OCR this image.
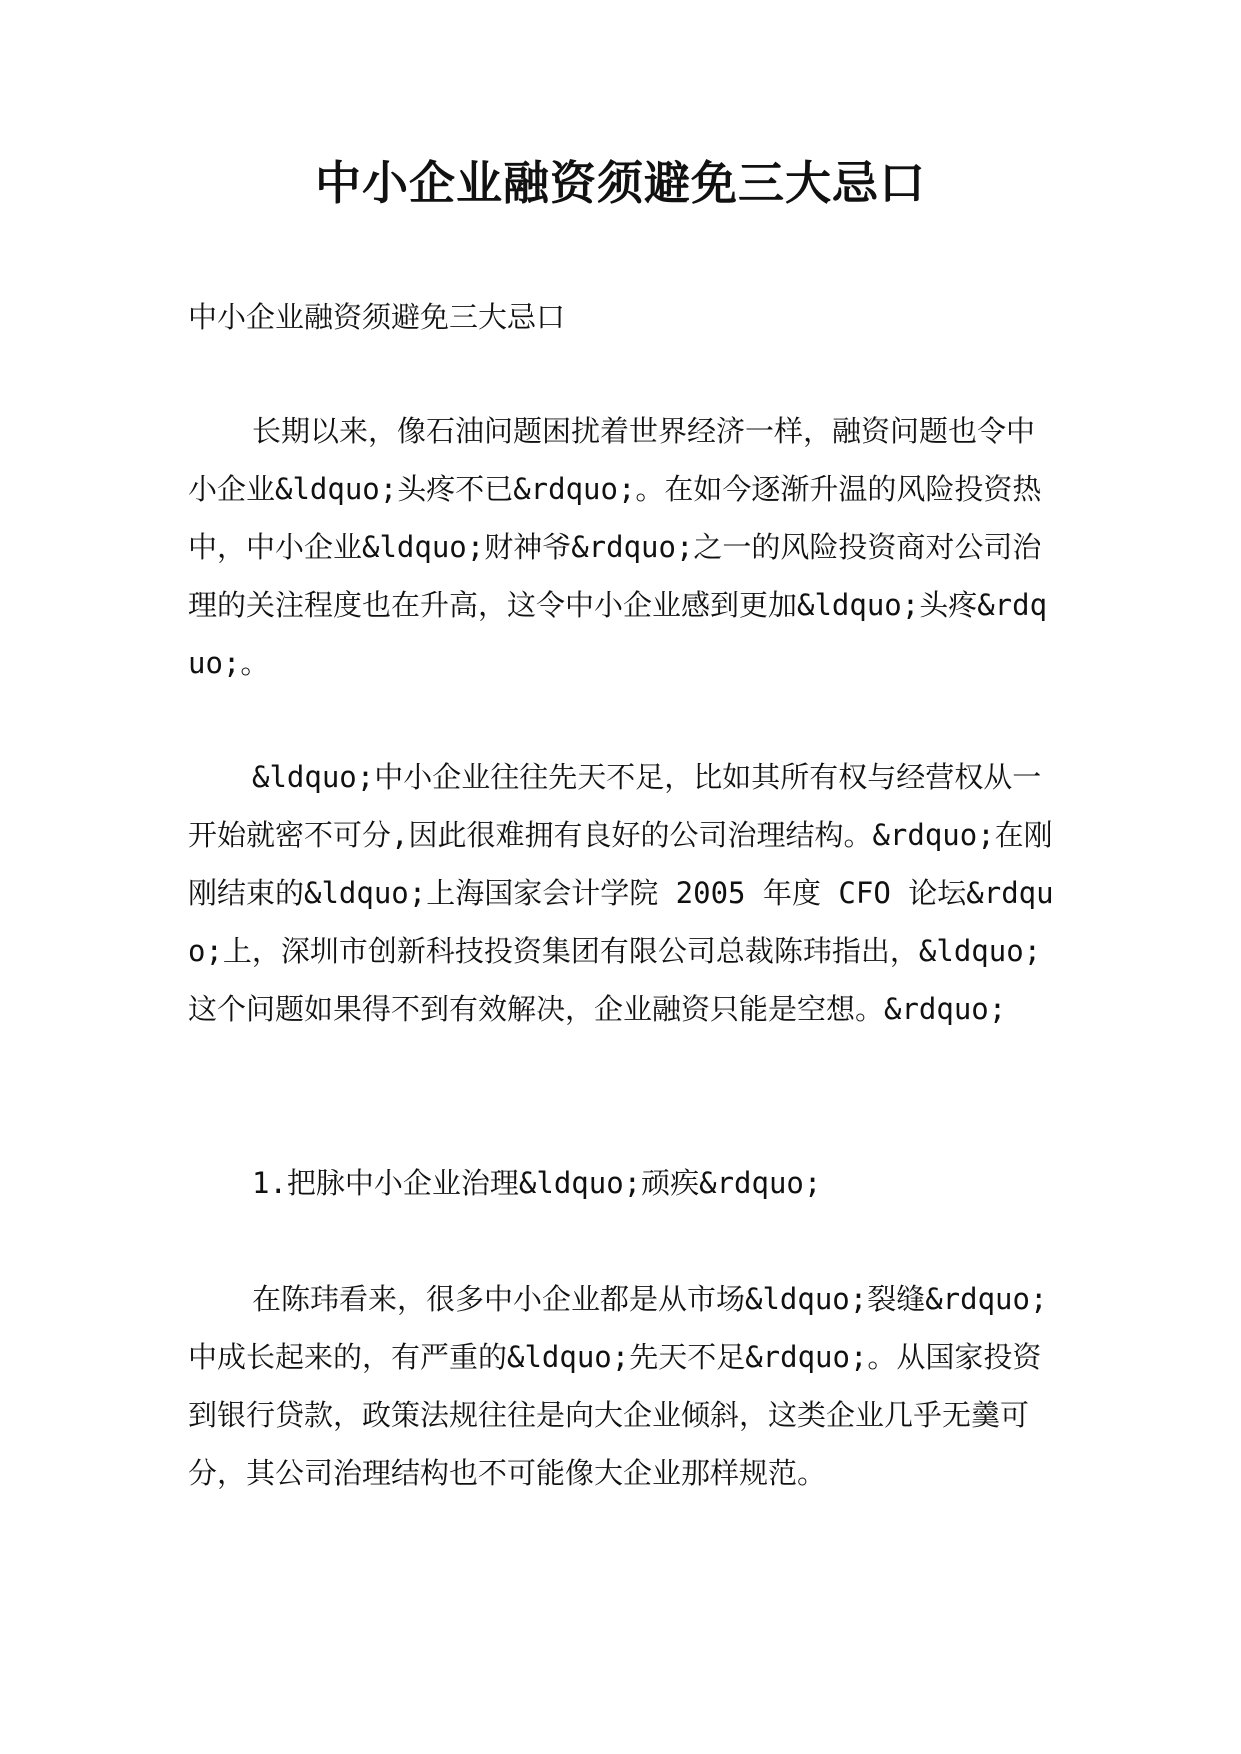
中小企业融资须避免三大忌口

中小企业融资须避免三大忌口

长期以来，像石油问题困扰着世界经济一样，融资问题也令中小企业&ldquo;头疼不已&rdquo;。在如今逐渐升温的风险投资热中，中小企业&ldquo;财神爷&rdquo;之一的风险投资商对公司治理的关注程度也在升高，这令中小企业感到更加&ldquo;头疼&rdquo;。

&ldquo;中小企业往往先天不足，比如其所有权与经营权从一开始就密不可分,因此很难拥有良好的公司治理结构。&rdquo;在刚刚结束的&ldquo;上海国家会计学院 2005 年度 CFO 论坛&rdquo;上，深圳市创新科技投资集团有限公司总裁陈玮指出，&ldquo;这个问题如果得不到有效解决，企业融资只能是空想。&rdquo;

1.把脉中小企业治理&ldquo;顽疾&rdquo;

在陈玮看来，很多中小企业都是从市场&ldquo;裂缝&rdquo;中成长起来的，有严重的&ldquo;先天不足&rdquo;。从国家投资到银行贷款，政策法规往往是向大企业倾斜，这类企业几乎无羹可分，其公司治理结构也不可能像大企业那样规范。
